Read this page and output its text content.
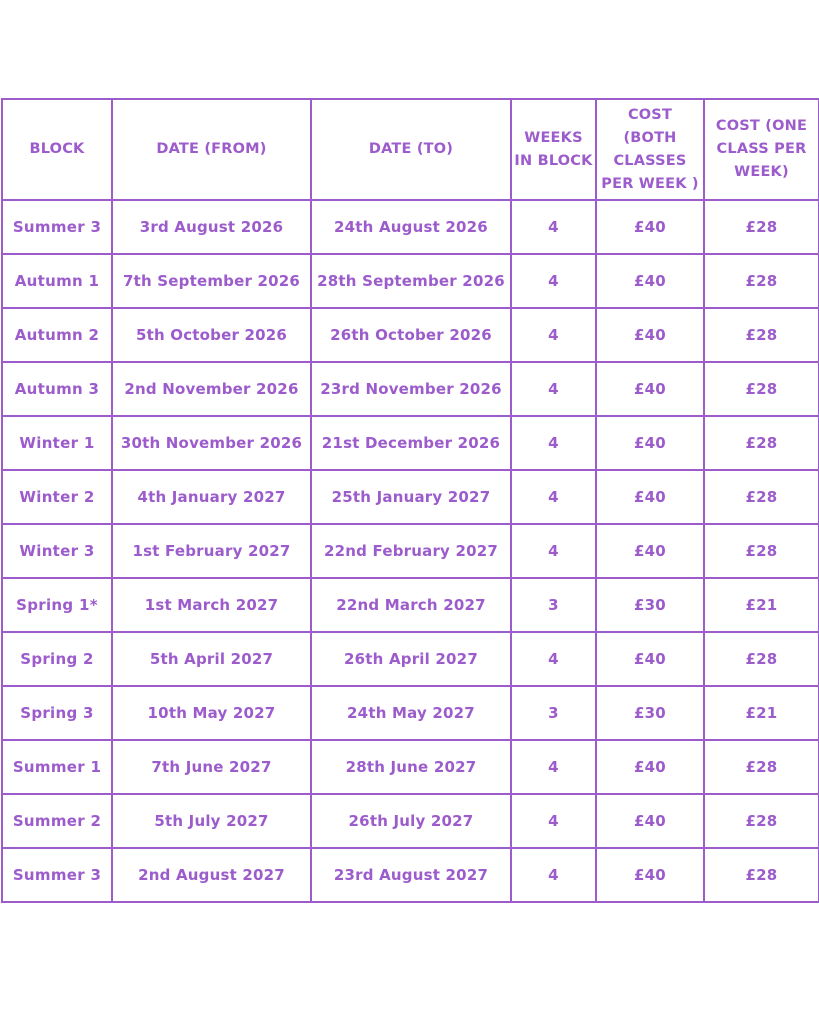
BLOCK	DATE (FROM)	DATE (TO)	WEEKS IN BLOCK	COST (BOTH CLASSES PER WEEK )	COST (ONE CLASS PER WEEK)
Summer 3	3rd August 2026	24th August 2026	4	£40	£28
Autumn 1	7th September 2026	28th September 2026	4	£40	£28
Autumn 2	5th October 2026	26th October 2026	4	£40	£28
Autumn 3	2nd November 2026	23rd November 2026	4	£40	£28
Winter 1	30th November 2026	21st December 2026	4	£40	£28
Winter 2	4th January 2027	25th January 2027	4	£40	£28
Winter 3	1st February 2027	22nd February 2027	4	£40	£28
Spring 1*	1st March 2027	22nd March 2027	3	£30	£21
Spring 2	5th April 2027	26th April 2027	4	£40	£28
Spring 3	10th May 2027	24th May 2027	3	£30	£21
Summer 1	7th June 2027	28th June 2027	4	£40	£28
Summer 2	5th July 2027	26th July 2027	4	£40	£28
Summer 3	2nd August 2027	23rd August 2027	4	£40	£28
